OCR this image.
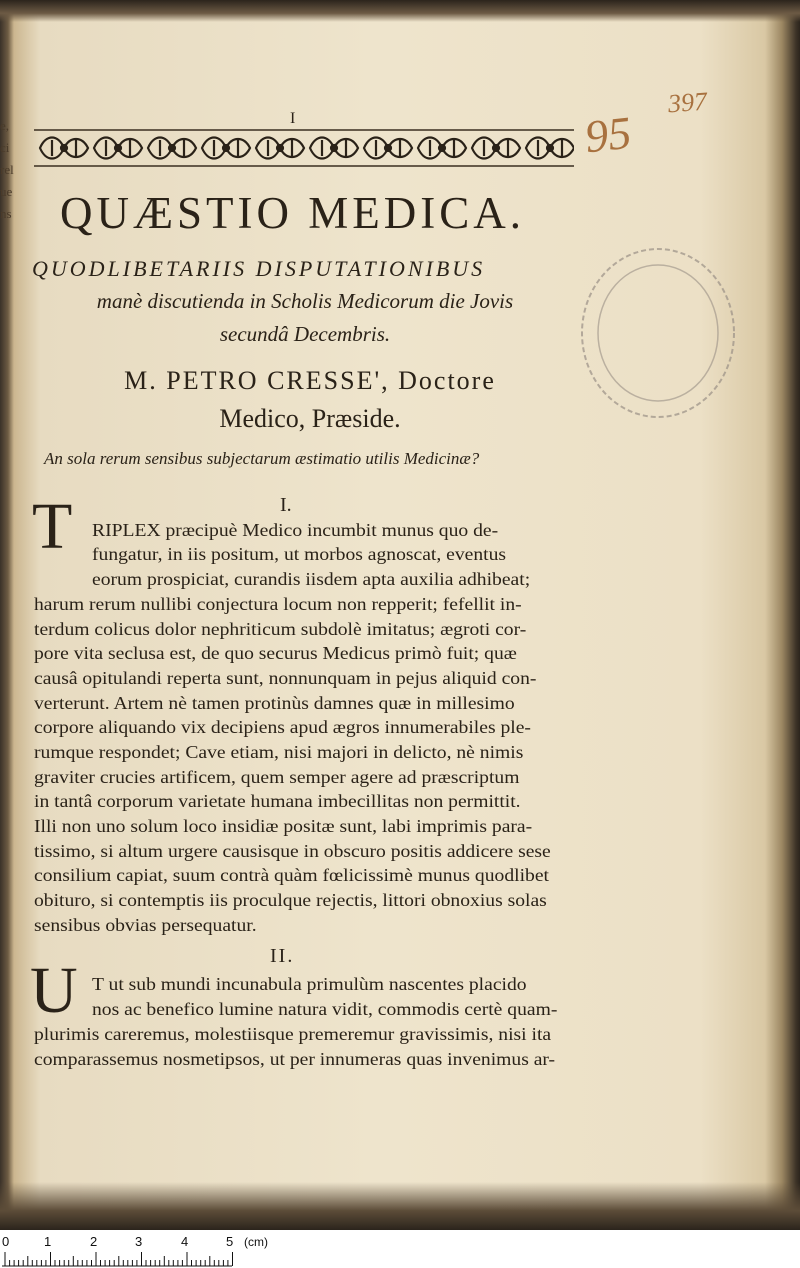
e,
ci
rel
ue
ns
I	95
397
QUÆSTIO MEDICA.
QUODLIBETARIIS DISPUTATIONIBUS
manè discutienda in Scholis Medicorum die Jovis
secundâ Decembris.
M. PETRO CRESSE', Doctore
Medico, Præside.
An sola rerum sensibus subjectarum æstimatio utilis Medicinæ?
I.
T RIPLEX præcipuè Medico incumbit munus quo de-
fungatur, in iis positum, ut morbos agnoscat, eventus
eorum prospiciat, curandis iisdem apta auxilia adhibeat;
harum rerum nullibi conjectura locum non repperit; fefellit in-
terdum colicus dolor nephriticum subdolè imitatus; ægroti cor-
pore vita seclusa est, de quo securus Medicus primò fuit; quæ
causâ opitulandi reperta sunt, nonnunquam in pejus aliquid con-
verterunt. Artem nè tamen protinùs damnes quæ in millesimo
corpore aliquando vix decipiens apud ægros innumerabiles ple-
rumque respondet; Cave etiam, nisi majori in delicto, nè nimis
graviter crucies artificem, quem semper agere ad præscriptum
in tantâ corporum varietate humana imbecillitas non permittit.
Illi non uno solum loco insidiæ positæ sunt, labi imprimis para-
tissimo, si altum urgere causisque in obscuro positis addicere sese
consilium capiat, suum contrà quàm fœlicissimè munus quodlibet
obituro, si contemptis iis proculque rejectis, littori obnoxius solas
sensibus obvias persequatur.
II.
U T ut sub mundi incunabula primulùm nascentes placido
nos ac benefico lumine natura vidit, commodis certè quam-
plurimis careremus, molestiisque premeremur gravissimis, nisi ita
comparassemus nosmetipsos, ut per innumeras quas invenimus ar-
0	1	2	3	4	5 (cm)
